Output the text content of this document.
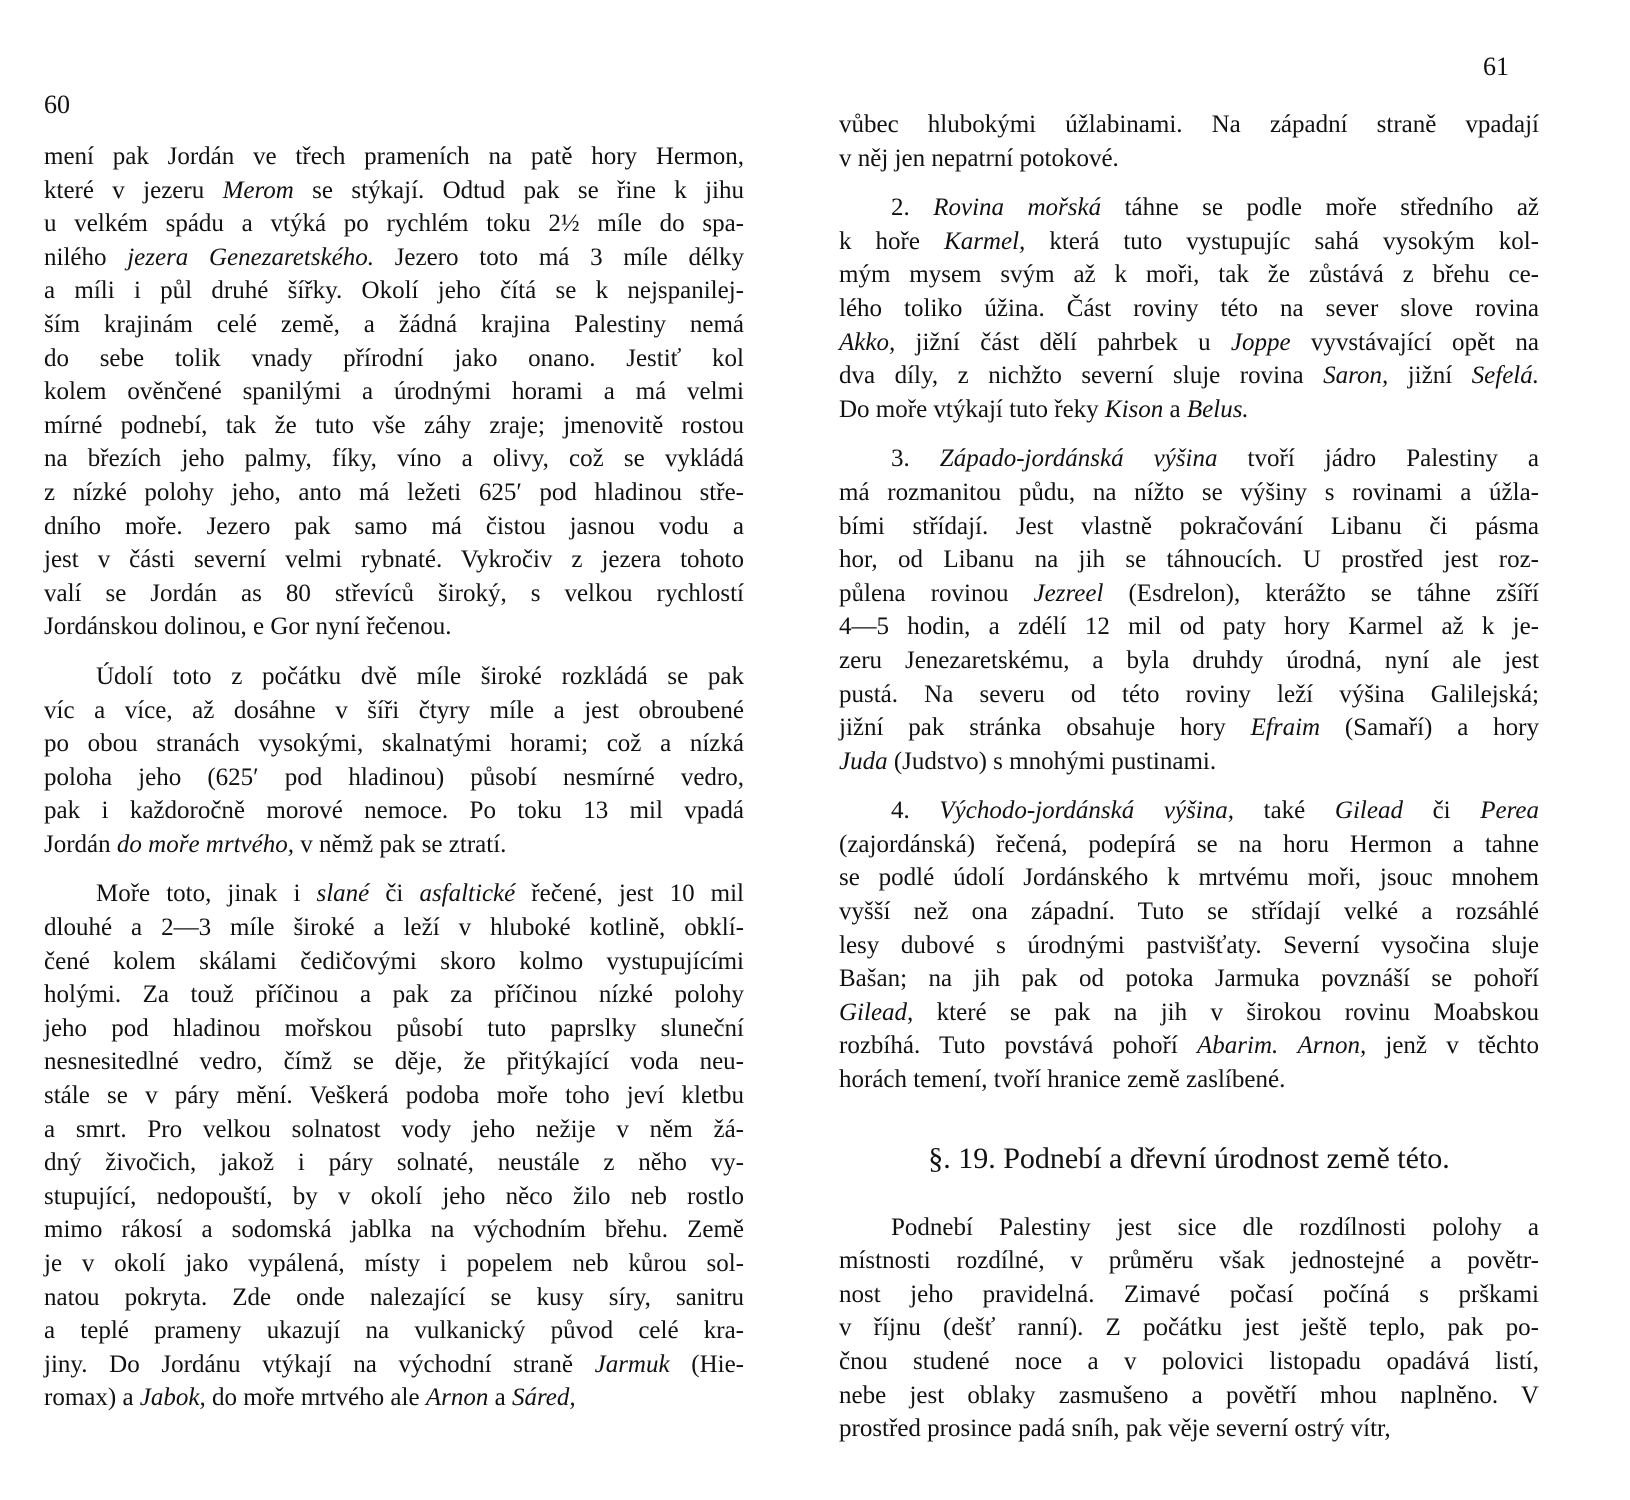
60
mení pak Jordán ve třech prameních na patě hory Hermon,
které v jezeru Merom se stýkají. Odtud pak se řine k jihu
u velkém spádu a vtýká po rychlém toku 2½ míle do spa-
nilého jezera Genezaretského. Jezero toto má 3 míle délky
a míli i půl druhé šířky. Okolí jeho čítá se k nejspanilej-
ším krajinám celé země, a žádná krajina Palestiny nemá
do sebe tolik vnady přírodní jako onano. Jestiť kol
kolem ověnčené spanilými a úrodnými horami a má velmi
mírné podnebí, tak že tuto vše záhy zraje; jmenovitě rostou
na březích jeho palmy, fíky, víno a olivy, což se vykládá
z nízké polohy jeho, anto má ležeti 625′ pod hladinou stře-
dního moře. Jezero pak samo má čistou jasnou vodu a
jest v části severní velmi rybnaté. Vykročiv z jezera tohoto
valí se Jordán as 80 střevíců široký, s velkou rychlostí
Jordánskou dolinou, e Gor nyní řečenou.
Údolí toto z počátku dvě míle široké rozkládá se pak
víc a více, až dosáhne v šíři čtyry míle a jest obroubené
po obou stranách vysokými, skalnatými horami; což a nízká
poloha jeho (625′ pod hladinou) působí nesmírné vedro,
pak i každoročně morové nemoce. Po toku 13 mil vpadá
Jordán do moře mrtvého, v němž pak se ztratí.
Moře toto, jinak i slané či asfaltické řečené, jest 10 mil
dlouhé a 2—3 míle široké a leží v hluboké kotlině, obklí-
čené kolem skálami čedičovými skoro kolmo vystupujícími
holými. Za touž příčinou a pak za příčinou nízké polohy
jeho pod hladinou mořskou působí tuto paprslky sluneční
nesnesitedlné vedro, čímž se děje, že přitýkající voda neu-
stále se v páry mění. Veškerá podoba moře toho jeví kletbu
a smrt. Pro velkou solnatost vody jeho nežije v něm žá-
dný živočich, jakož i páry solnaté, neustále z něho vy-
stupující, nedopouští, by v okolí jeho něco žilo neb rostlo
mimo rákosí a sodomská jablka na východním břehu. Země
je v okolí jako vypálená, místy i popelem neb kůrou sol-
natou pokryta. Zde onde nalezající se kusy síry, sanitru
a teplé prameny ukazují na vulkanický původ celé kra-
jiny. Do Jordánu vtýkají na východní straně Jarmuk (Hie-
romax) a Jabok, do moře mrtvého ale Arnon a Sáred,
61
vůbec hlubokými úžlabinami. Na západní straně vpadají
v něj jen nepatrní potokové.
2. Rovina mořská táhne se podle moře středního až
k hoře Karmel, která tuto vystupujíc sahá vysokým kol-
mým mysem svým až k moři, tak že zůstává z břehu ce-
lého toliko úžina. Část roviny této na sever slove rovina
Akko, jižní část dělí pahrbek u Joppe vyvstávající opět na
dva díly, z nichžto severní sluje rovina Saron, jižní Sefelá.
Do moře vtýkají tuto řeky Kison a Belus.
3. Západo-jordánská výšina tvoří jádro Palestiny a
má rozmanitou půdu, na nížto se výšiny s rovinami a úžla-
bími střídají. Jest vlastně pokračování Libanu či pásma
hor, od Libanu na jih se táhnoucích. U prostřed jest roz-
půlena rovinou Jezreel (Esdrelon), kterážto se táhne zšíří
4—5 hodin, a zdélí 12 mil od paty hory Karmel až k je-
zeru Jenezaretskému, a byla druhdy úrodná, nyní ale jest
pustá. Na severu od této roviny leží výšina Galilejská;
jižní pak stránka obsahuje hory Efraim (Samaří) a hory
Juda (Judstvo) s mnohými pustinami.
4. Východo-jordánská výšina, také Gilead či Perea
(zajordánská) řečená, podepírá se na horu Hermon a tahne
se podlé údolí Jordánského k mrtvému moři, jsouc mnohem
vyšší než ona západní. Tuto se střídají velké a rozsáhlé
lesy dubové s úrodnými pastvišťaty. Severní vysočina sluje
Bašan; na jih pak od potoka Jarmuka povznáší se pohoří
Gilead, které se pak na jih v širokou rovinu Moabskou
rozbíhá. Tuto povstává pohoří Abarim. Arnon, jenž v těchto
horách temení, tvoří hranice země zaslíbené.
§. 19. Podnebí a dřevní úrodnost země této.
Podnebí Palestiny jest sice dle rozdílnosti polohy a
místnosti rozdílné, v průměru však jednostejné a povětr-
nost jeho pravidelná. Zimavé počasí počíná s prškami
v říjnu (dešť ranní). Z počátku jest ještě teplo, pak po-
čnou studené noce a v polovici listopadu opadává listí,
nebe jest oblaky zasmušeno a povětří mhou naplněno. V
prostřed prosince padá sníh, pak věje severní ostrý vítr,
